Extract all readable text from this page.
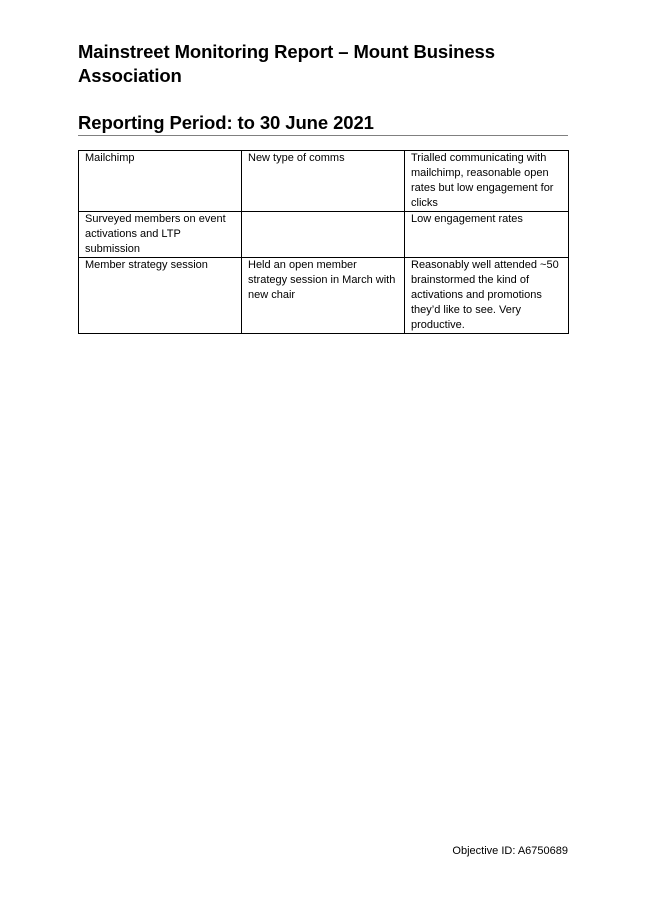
Mainstreet Monitoring Report – Mount Business Association
Reporting Period: to 30 June 2021
Mailchimp	New type of comms	Trialled communicating with mailchimp, reasonable open rates but low engagement for clicks
Surveyed members on event activations and LTP submission		Low engagement rates
Member strategy session	Held an open member strategy session in March with new chair	Reasonably well attended ~50 brainstormed the kind of activations and promotions they’d like to see. Very productive.
Objective ID: A6750689
